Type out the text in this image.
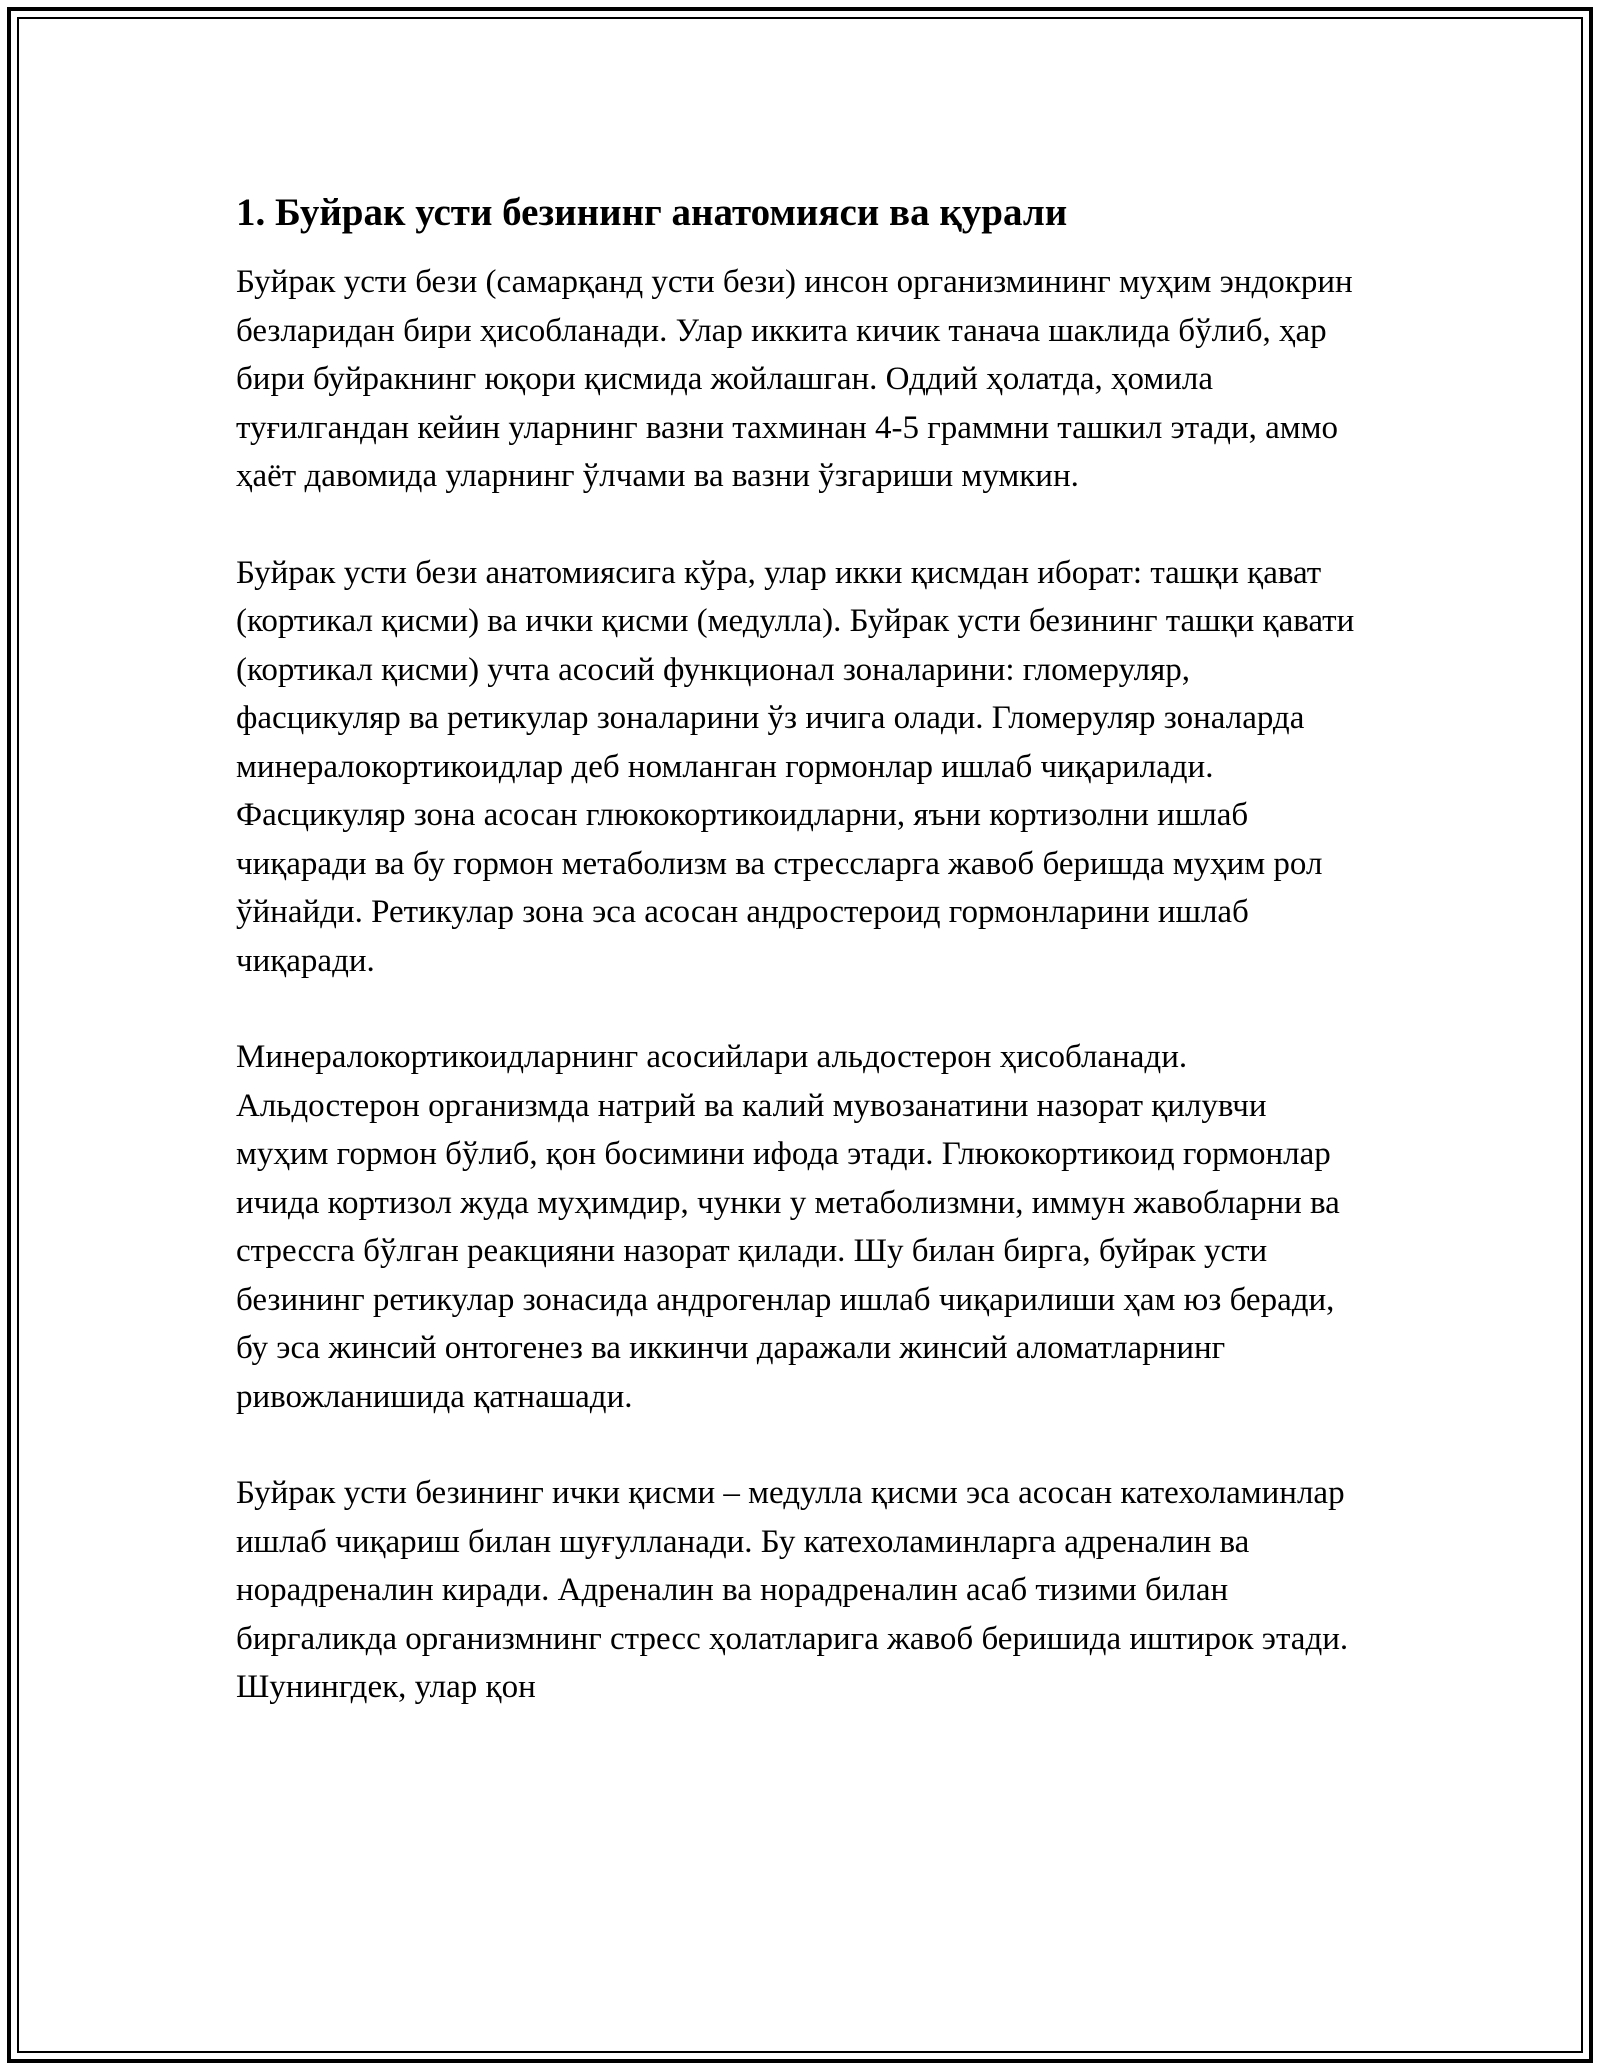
1. Буйрак усти безининг анатомияси ва қурали

Буйрак усти бези (самарқанд усти бези) инсон организмининг муҳим эндокрин безларидан бири ҳисобланади. Улар иккита кичик танача шаклида бўлиб, ҳар бири буйракнинг юқори қисмида жойлашган. Оддий ҳолатда, ҳомила туғилгандан кейин уларнинг вазни тахминан 4-5 граммни ташкил этади, аммо ҳаёт давомида уларнинг ўлчами ва вазни ўзгариши мумкин.

Буйрак усти бези анатомиясига кўра, улар икки қисмдан иборат: ташқи қават (кортикал қисми) ва ички қисми (медулла). Буйрак усти безининг ташқи қавати (кортикал қисми) учта асосий функционал зоналарини: гломеруляр, фасцикуляр ва ретикулар зоналарини ўз ичига олади. Гломеруляр зоналарда минералокортикоидлар деб номланган гормонлар ишлаб чиқарилади. Фасцикуляр зона асосан глюкокортикоидларни, яъни кортизолни ишлаб чиқаради ва бу гормон метаболизм ва стрессларга жавоб беришда муҳим рол ўйнайди. Ретикулар зона эса асосан андростероид гормонларини ишлаб чиқаради.

Минералокортикоидларнинг асосийлари альдостерон ҳисобланади. Альдостерон организмда натрий ва калий мувозанатини назорат қилувчи муҳим гормон бўлиб, қон босимини ифода этади. Глюкокортикоид гормонлар ичида кортизол жуда муҳимдир, чунки у метаболизмни, иммун жавобларни ва стрессга бўлган реакцияни назорат қилади. Шу билан бирга, буйрак усти безининг ретикулар зонасида андрогенлар ишлаб чиқарилиши ҳам юз беради, бу эса жинсий онтогенез ва иккинчи даражали жинсий аломатларнинг ривожланишида қатнашади.

Буйрак усти безининг ички қисми – медулла қисми эса асосан катехоламинлар ишлаб чиқариш билан шуғулланади. Бу катехоламинларга адреналин ва норадреналин киради. Адреналин ва норадреналин асаб тизими билан биргаликда организмнинг стресс ҳолатларига жавоб беришида иштирок этади. Шунингдек, улар қон
